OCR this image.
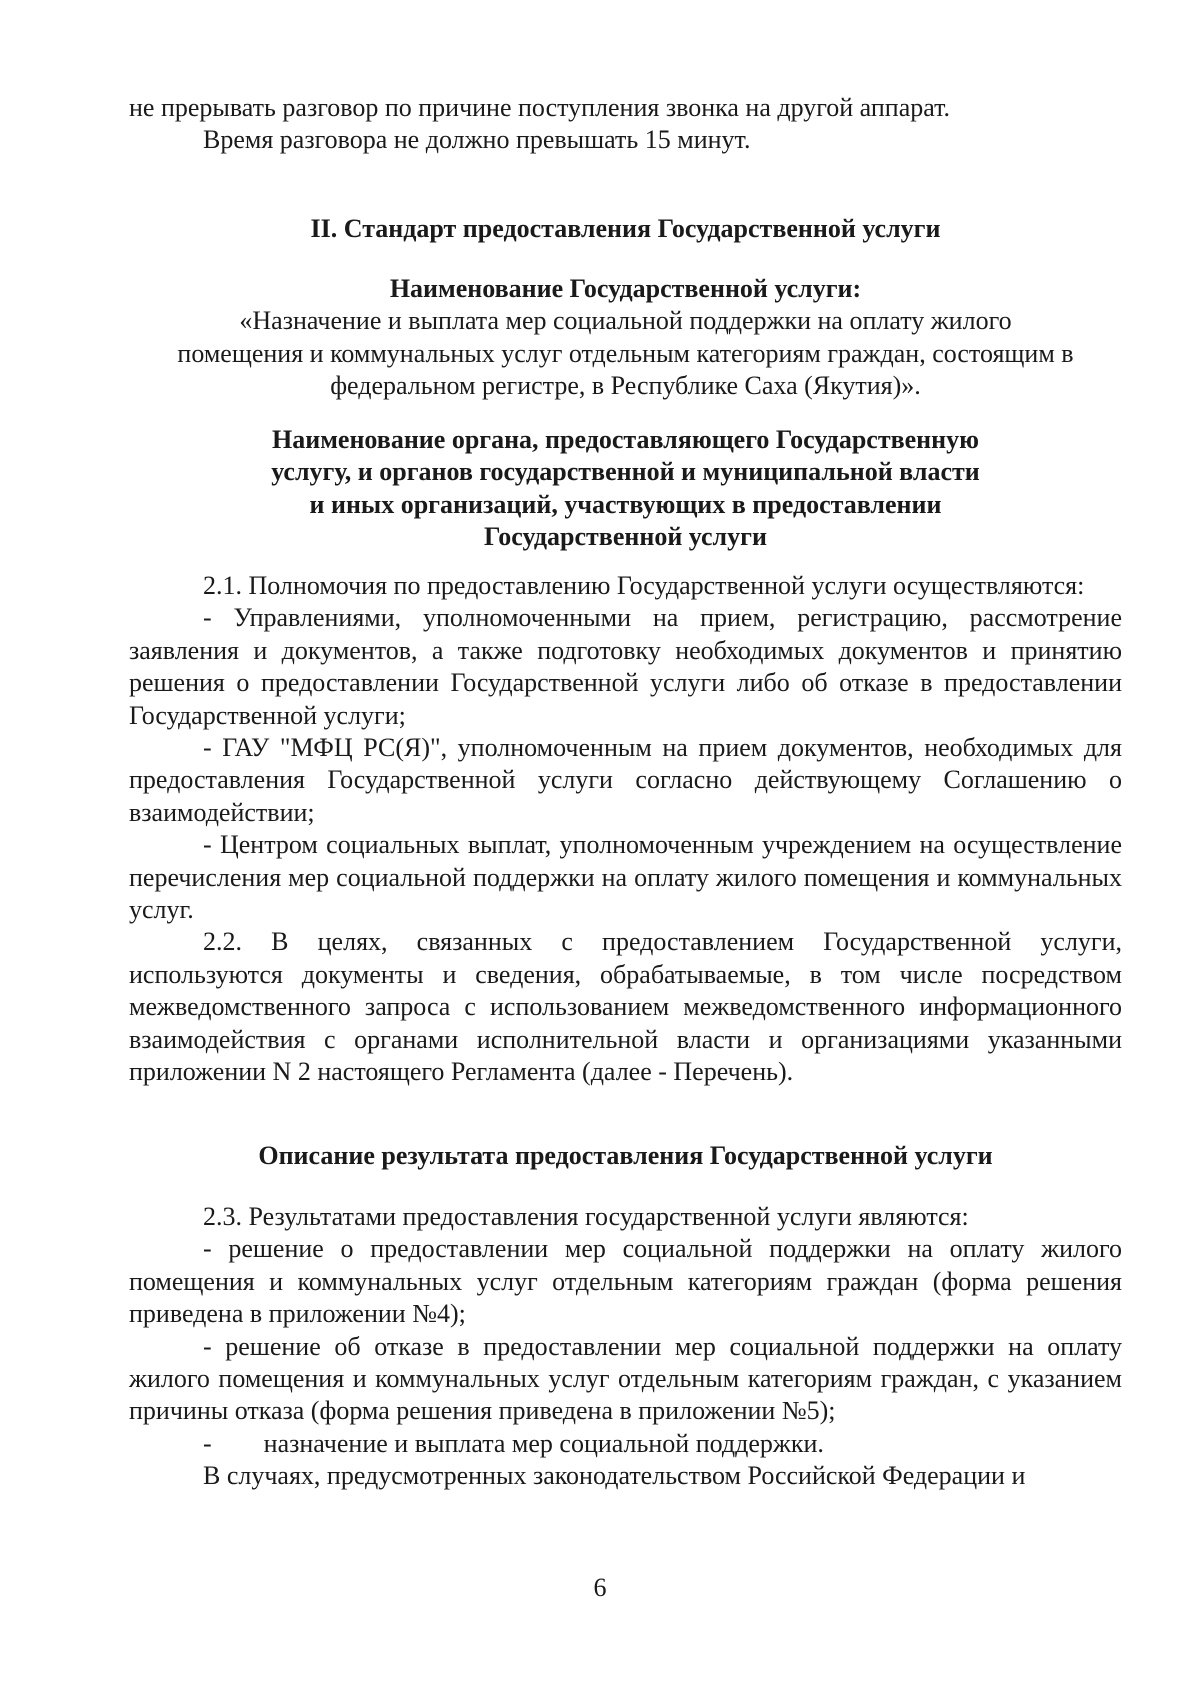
не прерывать разговор по причине поступления звонка на другой аппарат.

Время разговора не должно превышать 15 минут.

II. Стандарт предоставления Государственной услуги

Наименование Государственной услуги:

«Назначение и выплата мер социальной поддержки на оплату жилого

помещения и коммунальных услуг отдельным категориям граждан, состоящим в

федеральном регистре, в Республике Саха (Якутия)».

Наименование органа, предоставляющего Государственную

услугу, и органов государственной и муниципальной власти

и иных организаций, участвующих в предоставлении

Государственной услуги

2.1. Полномочия по предоставлению Государственной услуги осуществляются:

- Управлениями, уполномоченными на прием, регистрацию, рассмотрение заявления и документов, а также подготовку необходимых документов и принятию решения о предоставлении Государственной услуги либо об отказе в предоставлении Государственной услуги;

- ГАУ "МФЦ РС(Я)", уполномоченным на прием документов, необходимых для предоставления Государственной услуги согласно действующему Соглашению о взаимодействии;

- Центром социальных выплат, уполномоченным учреждением на осуществление перечисления мер социальной поддержки на оплату жилого помещения и коммунальных услуг.

2.2. В целях, связанных с предоставлением Государственной услуги, используются документы и сведения, обрабатываемые, в том числе посредством межведомственного запроса с использованием межведомственного информационного взаимодействия с органами исполнительной власти и организациями указанными приложении N 2 настоящего Регламента (далее - Перечень).

Описание результата предоставления Государственной услуги

2.3. Результатами предоставления государственной услуги являются:

- решение о предоставлении мер социальной поддержки на оплату жилого помещения и коммунальных услуг отдельным категориям граждан (форма решения приведена в приложении №4);

- решение об отказе в предоставлении мер социальной поддержки на оплату жилого помещения и коммунальных услуг отдельным категориям граждан, с указанием причины отказа (форма решения приведена в приложении №5);

-        назначение и выплата мер социальной поддержки.

В случаях, предусмотренных законодательством Российской Федерации и

6
